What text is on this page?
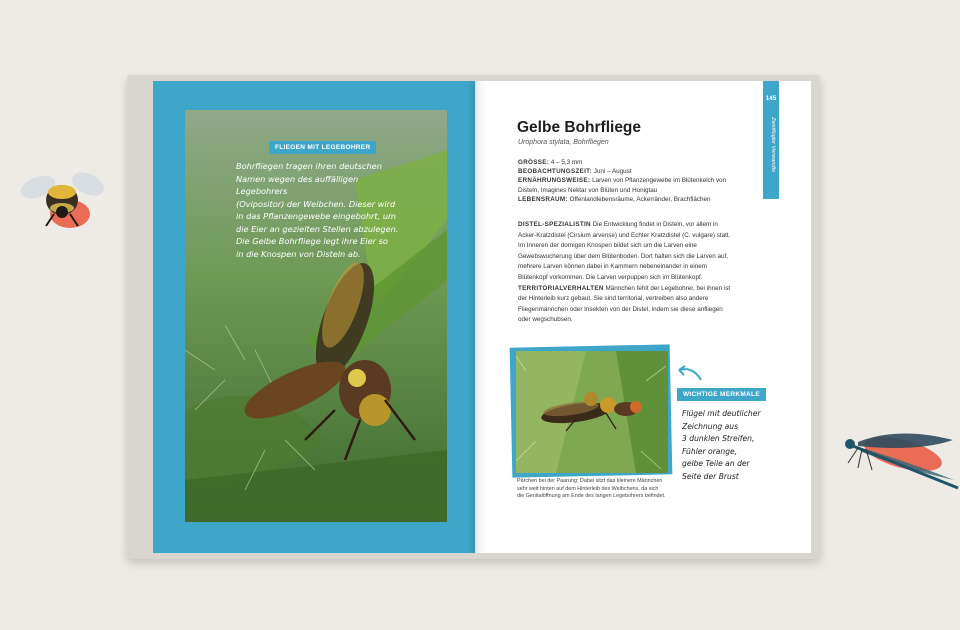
FLIEGEN MIT LEGEBOHRER
Bohrfliegen tragen ihren deutschen
Namen wegen des auffälligen Legebohrers
(Ovipositor) der Weibchen. Dieser wird
in das Pflanzengewebe eingebohrt, um
die Eier an gezielten Stellen abzulegen.
Die Gelbe Bohrfliege legt ihre Eier so
in die Knospen von Disteln ab.
145
Zweiflügler Verwandte
Gelbe Bohrfliege
Urophora stylata, Bohrfliegen
GRÖSSE: 4 – 5,3 mm
BEOBACHTUNGSZEIT: Juni – August
ERNÄHRUNGSWEISE: Larven von Pflanzengewebe im Blütenkelch von Disteln, Imagines Nektar von Blüten und Honigtau
LEBENSRAUM: Offenlandlebensräume, Ackerränder, Brachflächen
DISTEL-SPEZIALISTIN Die Entwicklung findet in Disteln, vor allem in Acker-Kratzdistel (Cirsium arvense) und Echter Kratzdistel (C. vulgare) statt. Im Inneren der dornigen Knospen bildet sich um die Larven eine Gewebswucherung über dem Blütenboden. Dort halten sich die Larven auf, mehrere Larven können dabei in Kammern nebeneinander in einem Blütenkopf vorkommen. Die Larven verpuppen sich im Blütenkopf.
TERRITORIALVERHALTEN Männchen fehlt der Legebohrer, bei ihnen ist der Hinterleib kurz gebaut. Sie sind territorial, vertreiben also andere Fliegenmännchen oder Insekten von der Distel, indem sie diese anfliegen oder wegschubsen.
Pärchen bei der Paarung: Dabei sitzt das kleinere Männchen sehr weit hinten auf dem Hinterleib des Weibchens, da sich die Genitalöffnung am Ende des langen Legebohrers befindet.
WICHTIGE MERKMALE
Flügel mit deutlicher
Zeichnung aus
3 dunklen Streifen,
Fühler orange,
gelbe Teile an der
Seite der Brust
